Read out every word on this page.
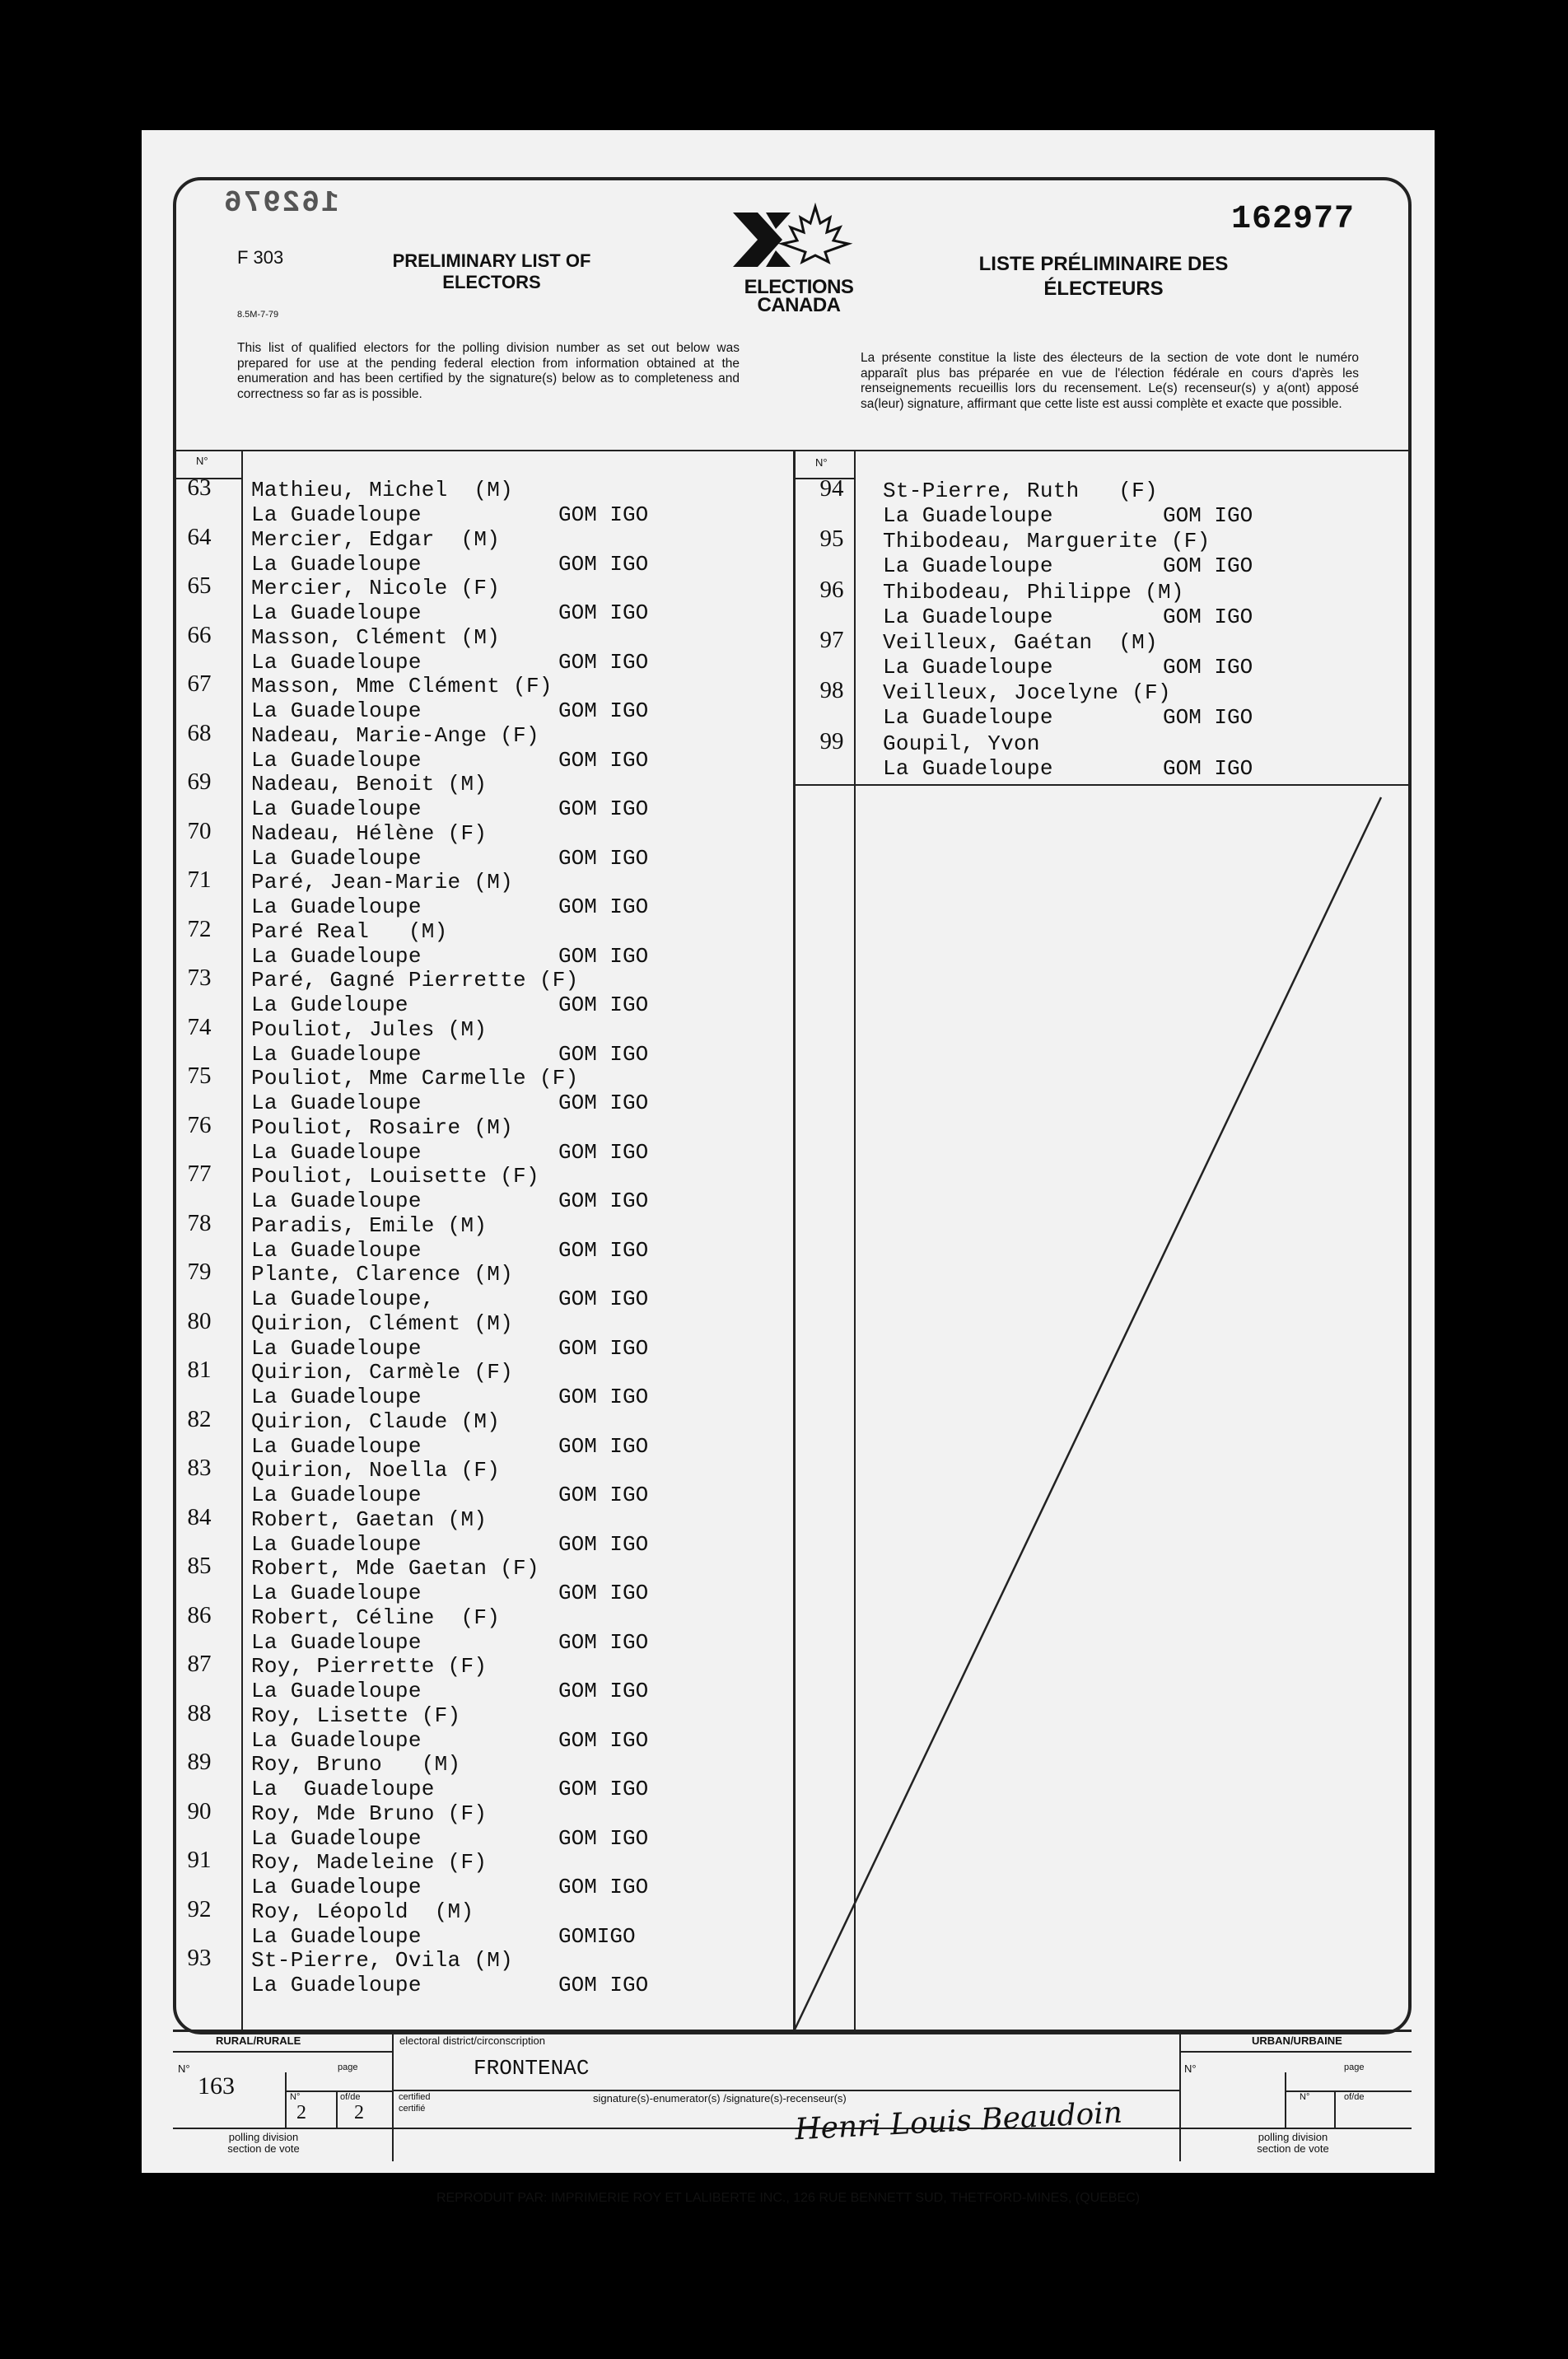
162976	162977
F 303
8.5M-7-79
PRELIMINARY LIST OF ELECTORS	ELECTIONS CANADA
LISTE PRÉLIMINAIRE DES ÉLECTEURS
This list of qualified electors for the polling division number as set out below was prepared for use at the pending federal election from information obtained at the enumeration and has been certified by the signature(s) below as to completeness and correctness so far as is possible.
La présente constitue la liste des électeurs de la section de vote dont le numéro apparaît plus bas préparée en vue de l'élection fédérale en cours d'après les renseignements recueillis lors du recensement. Le(s) recenseur(s) y a(ont) apposé sa(leur) signature, affirmant que cette liste est aussi complète et exacte que possible.
N°	N°
63	Mathieu, Michel  (M)
La Guadeloupe	GOM IGO
64	Mercier, Edgar  (M)
La Guadeloupe	GOM IGO
65	Mercier, Nicole (F)
La Guadeloupe	GOM IGO
66	Masson, Clément (M)
La Guadeloupe	GOM IGO
67	Masson, Mme Clément (F)
La Guadeloupe	GOM IGO
68	Nadeau, Marie-Ange (F)
La Guadeloupe	GOM IGO
69	Nadeau, Benoit (M)
La Guadeloupe	GOM IGO
70	Nadeau, Hélène (F)
La Guadeloupe	GOM IGO
71	Paré, Jean-Marie (M)
La Guadeloupe	GOM IGO
72	Paré Real   (M)
La Guadeloupe	GOM IGO
73	Paré, Gagné Pierrette (F)
La Gudeloupe	GOM IGO
74	Pouliot, Jules (M)
La Guadeloupe	GOM IGO
75	Pouliot, Mme Carmelle (F)
La Guadeloupe	GOM IGO
76	Pouliot, Rosaire (M)
La Guadeloupe	GOM IGO
77	Pouliot, Louisette (F)
La Guadeloupe	GOM IGO
78	Paradis, Emile (M)
La Guadeloupe	GOM IGO
79	Plante, Clarence (M)
La Guadeloupe,	GOM IGO
80	Quirion, Clément (M)
La Guadeloupe	GOM IGO
81	Quirion, Carmèle (F)
La Guadeloupe	GOM IGO
82	Quirion, Claude (M)
La Guadeloupe	GOM IGO
83	Quirion, Noella (F)
La Guadeloupe	GOM IGO
84	Robert, Gaetan (M)
La Guadeloupe	GOM IGO
85	Robert, Mde Gaetan (F)
La Guadeloupe	GOM IGO
86	Robert, Céline  (F)
La Guadeloupe	GOM IGO
87	Roy, Pierrette (F)
La Guadeloupe	GOM IGO
88	Roy, Lisette (F)
La Guadeloupe	GOM IGO
89	Roy, Bruno   (M)
La  Guadeloupe	GOM IGO
90	Roy, Mde Bruno (F)
La Guadeloupe	GOM IGO
91	Roy, Madeleine (F)
La Guadeloupe	GOM IGO
92	Roy, Léopold  (M)
La Guadeloupe	GOMIGO
93	St-Pierre, Ovila (M)
La Guadeloupe	GOM IGO
94	St-Pierre, Ruth   (F)
La Guadeloupe	GOM IGO
95	Thibodeau, Marguerite (F)
La Guadeloupe	GOM IGO
96	Thibodeau, Philippe (M)
La Guadeloupe	GOM IGO
97	Veilleux, Gaétan  (M)
La Guadeloupe	GOM IGO
98	Veilleux, Jocelyne (F)
La Guadeloupe	GOM IGO
99	Goupil, Yvon
La Guadeloupe	GOM IGO
RURAL/RURALE	URBAN/URBAINE
electoral district/circonscription
FRONTENAC
N°
163
page
N°
2
of/de
2
N°	page
N°	of/de
certified
certifié
signature(s)-enumerator(s) /signature(s)-recenseur(s)
Henri Louis Beaudoin
polling division
section de vote
polling division
section de vote
REPRODUIT PAR: IMPRIMERIE ROY ET LALIBERTE INC., 126 RUE BENNETT SUD, THETFORD-MINES, (QUEBEC)
